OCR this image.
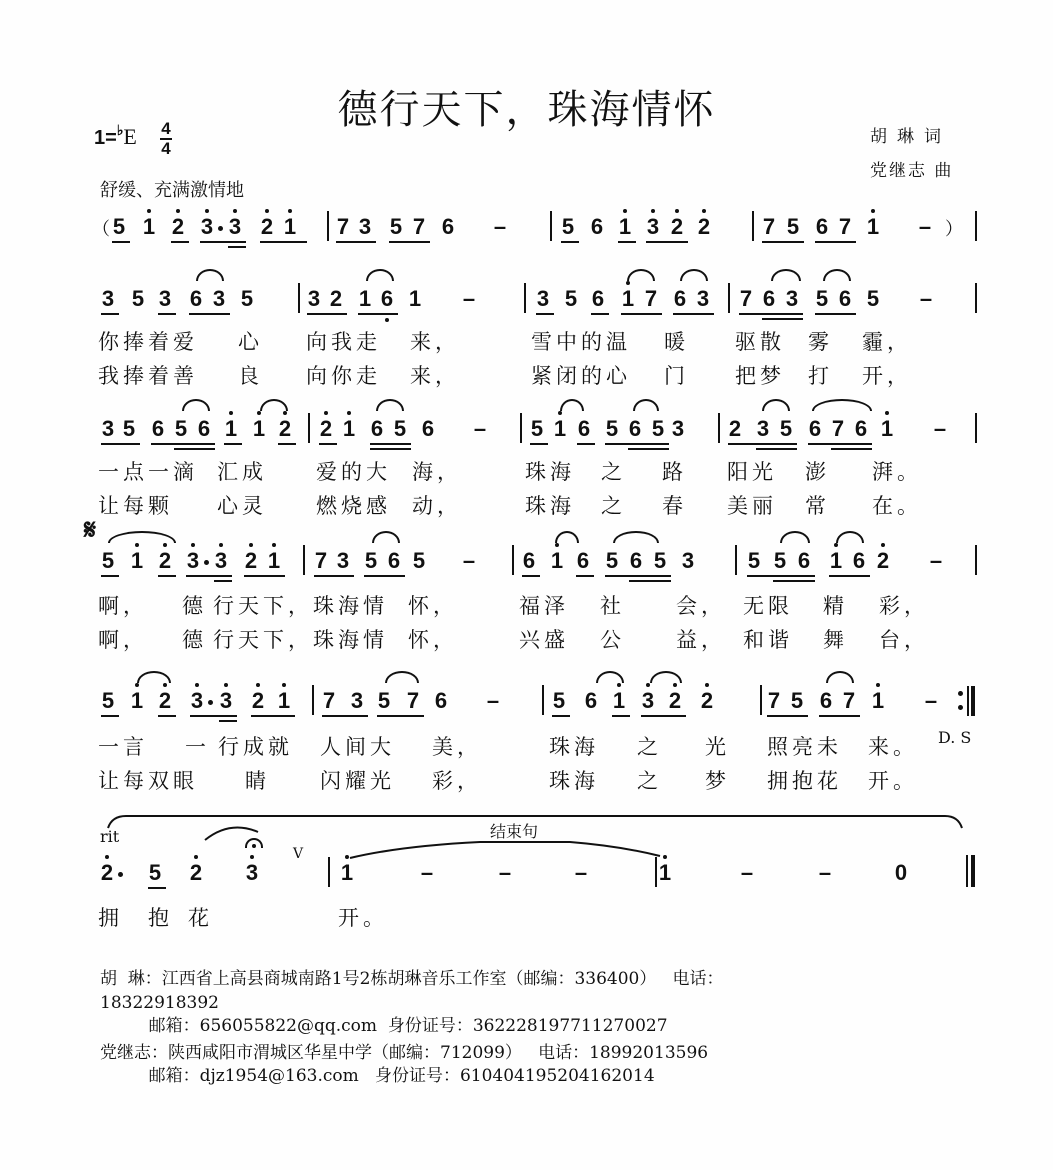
德行天下，珠海情怀
1=♭E 4
4
舒缓、充满激情地
胡琳词
党继志 曲
5 1 2 3 3 2 1 7 3 5 7 6 –	5 6 1 3 2 2 7 5 6 7 1 –
3 5 3 6 3 5 3 2 1 6 1 –	3 5 6 1 7 6 3 7 6 3 5 6 5 –
你捧着爱 心 向我走 来，	雪中的温 暖 驱散 雾 霾，
我捧着善 良 向你走 来，	紧闭的心 门 把梦 打 开，
3 5 6 5 6 1 1 2 2 1 6 5 6 – 5 1 6 5 6 5 3 2 3 5 6 7 6 1 –
一点一滴 汇成 爱的大 海，	珠海 之 路 阳光 澎 湃。
让每颗 心灵 燃烧感 动，	珠海 之 春 美丽 常 在。
5 1 2 3 3 2 1 7 3 5 6 5 – 6 1 6 5 6 5 3 5 5 6 1 6 2 –
啊， 德 行天下，珠海情 怀，	福泽 社 会， 无限 精 彩，
啊， 德 行天下，珠海情 怀，	兴盛 公 益， 和谐 舞 台，
5 1 2 3 3 2 1 7 3 5 7 6 – 5 6 1 3 2 2 7 5 6 7 1 –
一言 一 行成就 人间大 美，	珠海 之 光 照亮未 来。
让每双眼 睛 闪耀光 彩，	珠海 之 梦 拥抱花 开。
2 5 2 3	1	–	–	–	1	–	–	0
拥 抱 花	开。
（	）
𝄋
D. S
rit
V
结束句
胡  琳：江西省上高县商城南路1号2栋胡琳音乐工作室（邮编：336400）   电话：
18322918392
邮箱：656055822@qq.com  身份证号：362228197711270027
党继志：陕西咸阳市渭城区华星中学（邮编：712099）   电话：18992013596
邮箱：djz1954@163.com   身份证号：610404195204162014
